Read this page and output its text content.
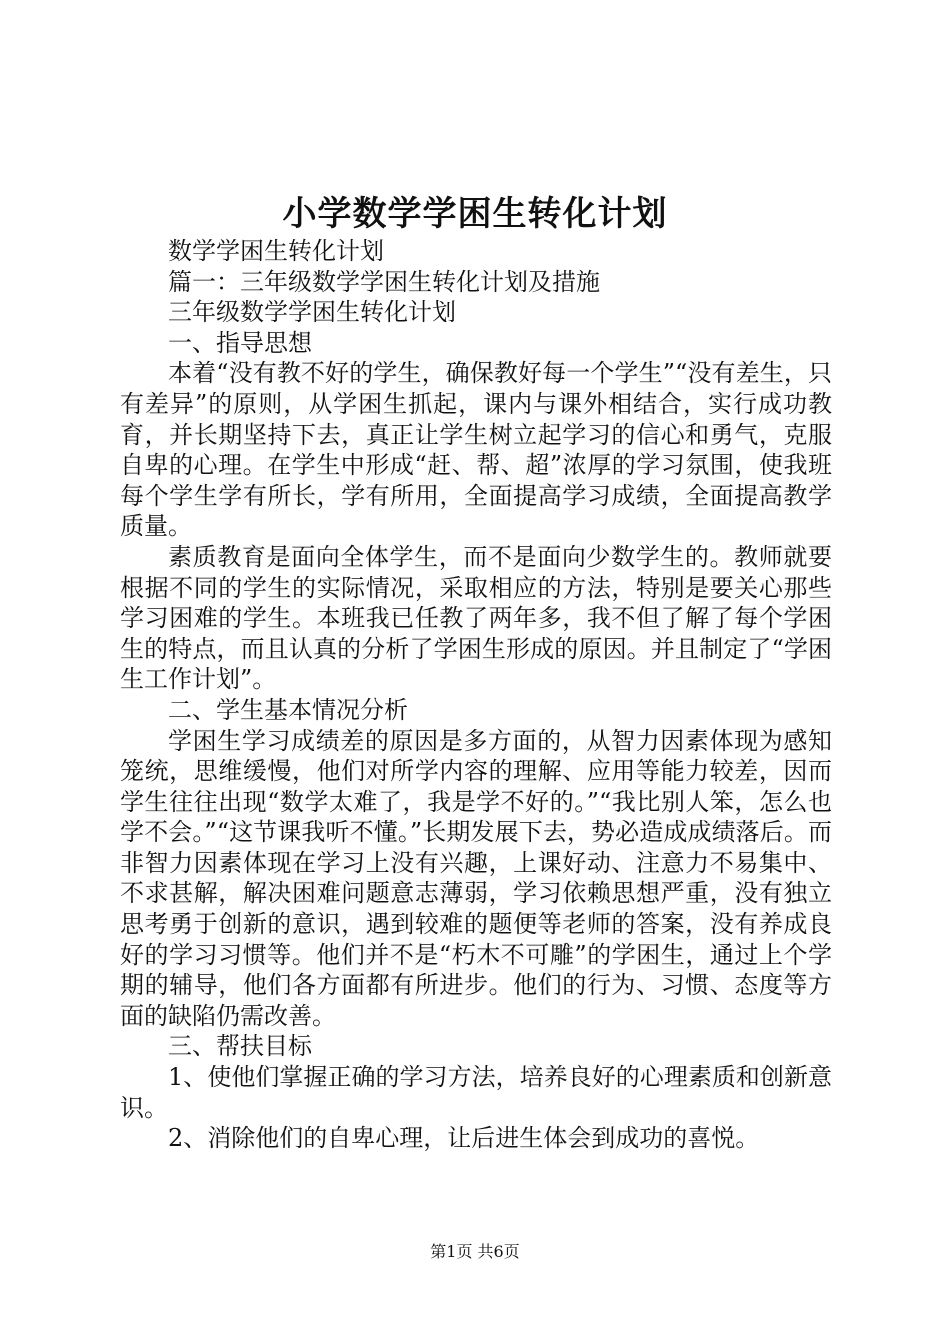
小学数学学困生转化计划

数学学困生转化计划

篇一：三年级数学学困生转化计划及措施

三年级数学学困生转化计划

一、指导思想

本着“没有教不好的学生，确保教好每一个学生”“没有差生，只有差异”的原则，从学困生抓起，课内与课外相结合，实行成功教育，并长期坚持下去，真正让学生树立起学习的信心和勇气，克服自卑的心理。在学生中形成“赶、帮、超”浓厚的学习氛围，使我班每个学生学有所长，学有所用，全面提高学习成绩，全面提高教学质量。

素质教育是面向全体学生，而不是面向少数学生的。教师就要根据不同的学生的实际情况，采取相应的方法，特别是要关心那些学习困难的学生。本班我已任教了两年多，我不但了解了每个学困生的特点，而且认真的分析了学困生形成的原因。并且制定了“学困生工作计划”。

二、学生基本情况分析

学困生学习成绩差的原因是多方面的，从智力因素体现为感知笼统，思维缓慢，他们对所学内容的理解、应用等能力较差，因而学生往往出现“数学太难了，我是学不好的。”“我比别人笨，怎么也学不会。”“这节课我听不懂。”长期发展下去，势必造成成绩落后。而非智力因素体现在学习上没有兴趣，上课好动、注意力不易集中、不求甚解，解决困难问题意志薄弱，学习依赖思想严重，没有独立思考勇于创新的意识，遇到较难的题便等老师的答案，没有养成良好的学习习惯等。他们并不是“朽木不可雕”的学困生，通过上个学期的辅导，他们各方面都有所进步。他们的行为、习惯、态度等方面的缺陷仍需改善。

三、帮扶目标

1、使他们掌握正确的学习方法，培养良好的心理素质和创新意识。

2、消除他们的自卑心理，让后进生体会到成功的喜悦。

第1页 共6页
